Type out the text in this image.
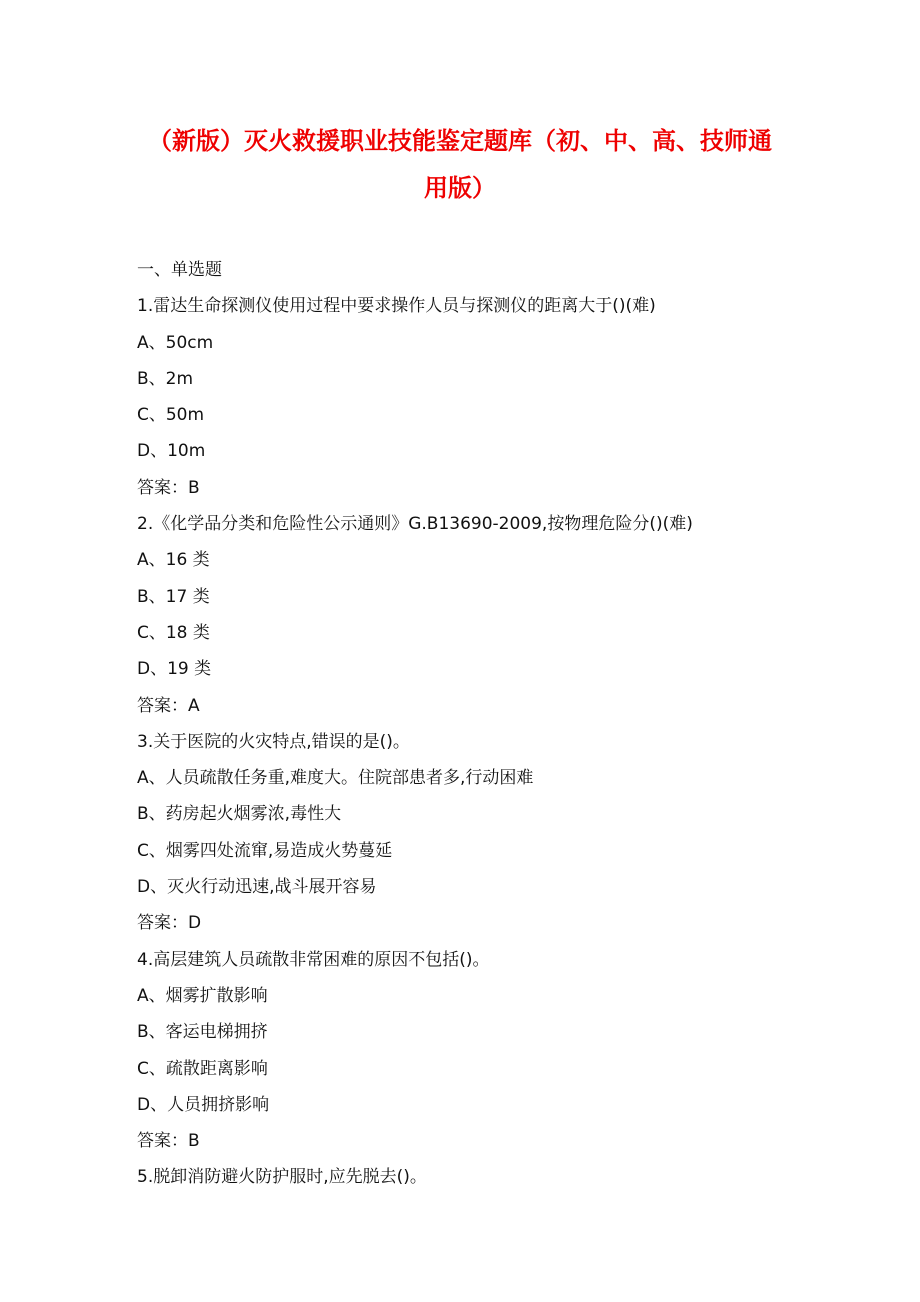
（新版）灭火救援职业技能鉴定题库（初、中、高、技师通
用版）
一、单选题
1.雷达生命探测仪使用过程中要求操作人员与探测仪的距离大于()(难)
A、50cm
B、2m
C、50m
D、10m
答案：B
2.《化学品分类和危险性公示通则》G.B13690-2009,按物理危险分()(难)
A、16 类
B、17 类
C、18 类
D、19 类
答案：A
3.关于医院的火灾特点,错误的是()。
A、人员疏散任务重,难度大。住院部患者多,行动困难
B、药房起火烟雾浓,毒性大
C、烟雾四处流窜,易造成火势蔓延
D、灭火行动迅速,战斗展开容易
答案：D
4.高层建筑人员疏散非常困难的原因不包括()。
A、烟雾扩散影响
B、客运电梯拥挤
C、疏散距离影响
D、人员拥挤影响
答案：B
5.脱卸消防避火防护服时,应先脱去()。
